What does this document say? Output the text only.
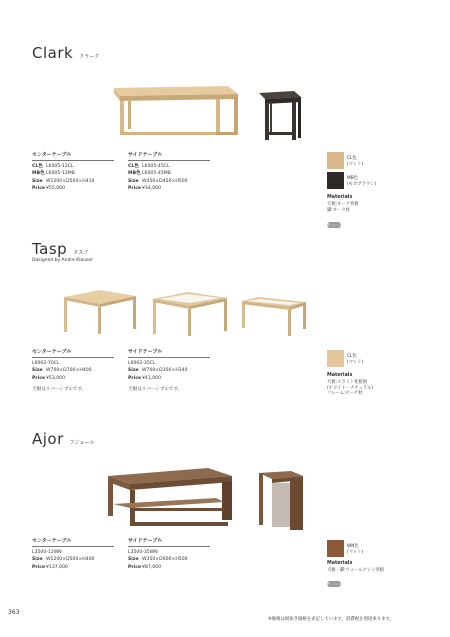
Clark クラーク
センターテーブル
CL色 L6005-12CL
MB色L6005-12MB
Size W1200×D500×H410
Price¥55,000
サイドテーブル
CL色 L6005-45CL
MB色L6005-45MB
Size W450×D450×H500
Price¥34,000
CL色
(マット)
MB色
(モカブラウン)
Materials
天板:オーク突板
脚:オーク材
F☆☆☆☆
Tasp タスプ
Designed by Andre Klauser
センターテーブル
L9002-70CL
Size W700×D700×H400
Price¥53,000
天板はリバーシブルです。
サイドテーブル
L9002-35CL
Size W700×D350×H340
Price¥41,000
天板はリバーシブルです。
CL色
(マット)
Materials
天板:メラミン化粧板
(ホワイト・ナチュラル)
フレーム:ビーチ材
Ajor アジョール
センターテーブル
L3500-12WN
Size W1200×D500×H400
Price¥137,000
サイドテーブル
L3500-35WN
Size W350×D600×H500
Price¥87,000
WN色
(マット)
Materials
天板・脚:ウォールナット突板
F☆☆☆☆
363
※価格は税抜き価格を表記しています。消費税を別途承ります。
